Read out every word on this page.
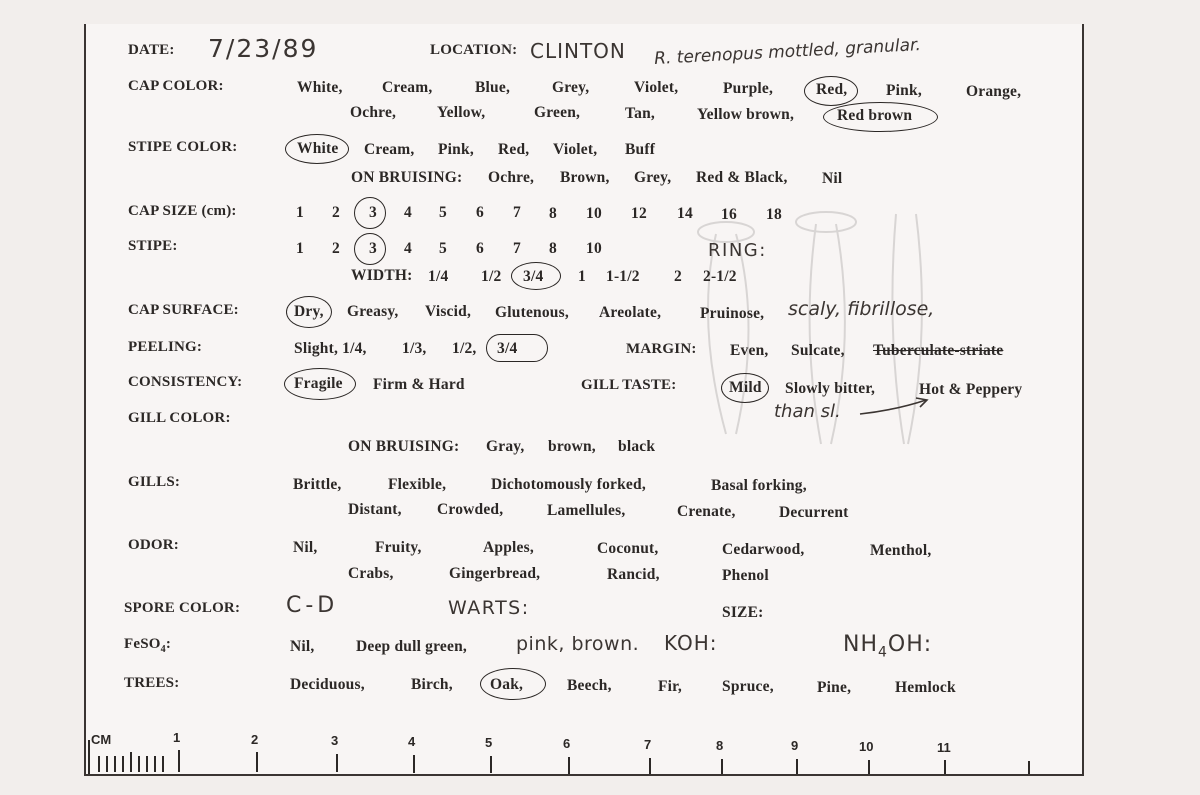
DATE: 7/23/89	LOCATION: CLINTON R. terenopus mottled, granular.
CAP COLOR:	White,	Cream,	Blue,	Grey,	Violet,	Purple,	Red, Pink,	Orange,
Ochre,	Yellow,	Green,	Tan,	Yellow brown,	Red brown
STIPE COLOR:	White Cream, Pink, Red, Violet, Buff
ON BRUISING: Ochre, Brown, Grey, Red & Black, Nil
CAP SIZE (cm):	1 2 3 4 5 6 7 8 10 12 14 16 18
STIPE:	1 2 3 4 5 6 7 8 10	RING:
WIDTH: 1/4 1/2 3/4 1 1-1/2 2 2-1/2
CAP SURFACE:	Dry, Greasy, Viscid, Glutenous, Areolate,	Pruinose, scaly, fibrillose,
PEELING:	Slight, 1/4, 1/3, 1/2, 3/4	MARGIN: Even, Sulcate, Tuberculate-striate
CONSISTENCY:	Fragile Firm & Hard	GILL TASTE:	Mild Slowly bitter,	Hot & Peppery
than sl.
GILL COLOR:
ON BRUISING: Gray, brown, black
GILLS:	Brittle,	Flexible,	Dichotomously forked,	Basal forking,
Distant, Crowded,	Lamellules,	Crenate,	Decurrent
ODOR:	Nil,	Fruity,	Apples,	Coconut,	Cedarwood,	Menthol,
Crabs,	Gingerbread,	Rancid,	Phenol
SPORE COLOR: C-D	WARTS:	SIZE:
FeSO$_4$:	Nil,	Deep dull green,	pink, brown. KOH:	$NH_4OH$:
TREES:	Deciduous,	Birch, Oak,	Beech,	Fir,	Spruce,	Pine,	Hemlock
CM	1	2	3	4	5	6	7	8	9	10	11
